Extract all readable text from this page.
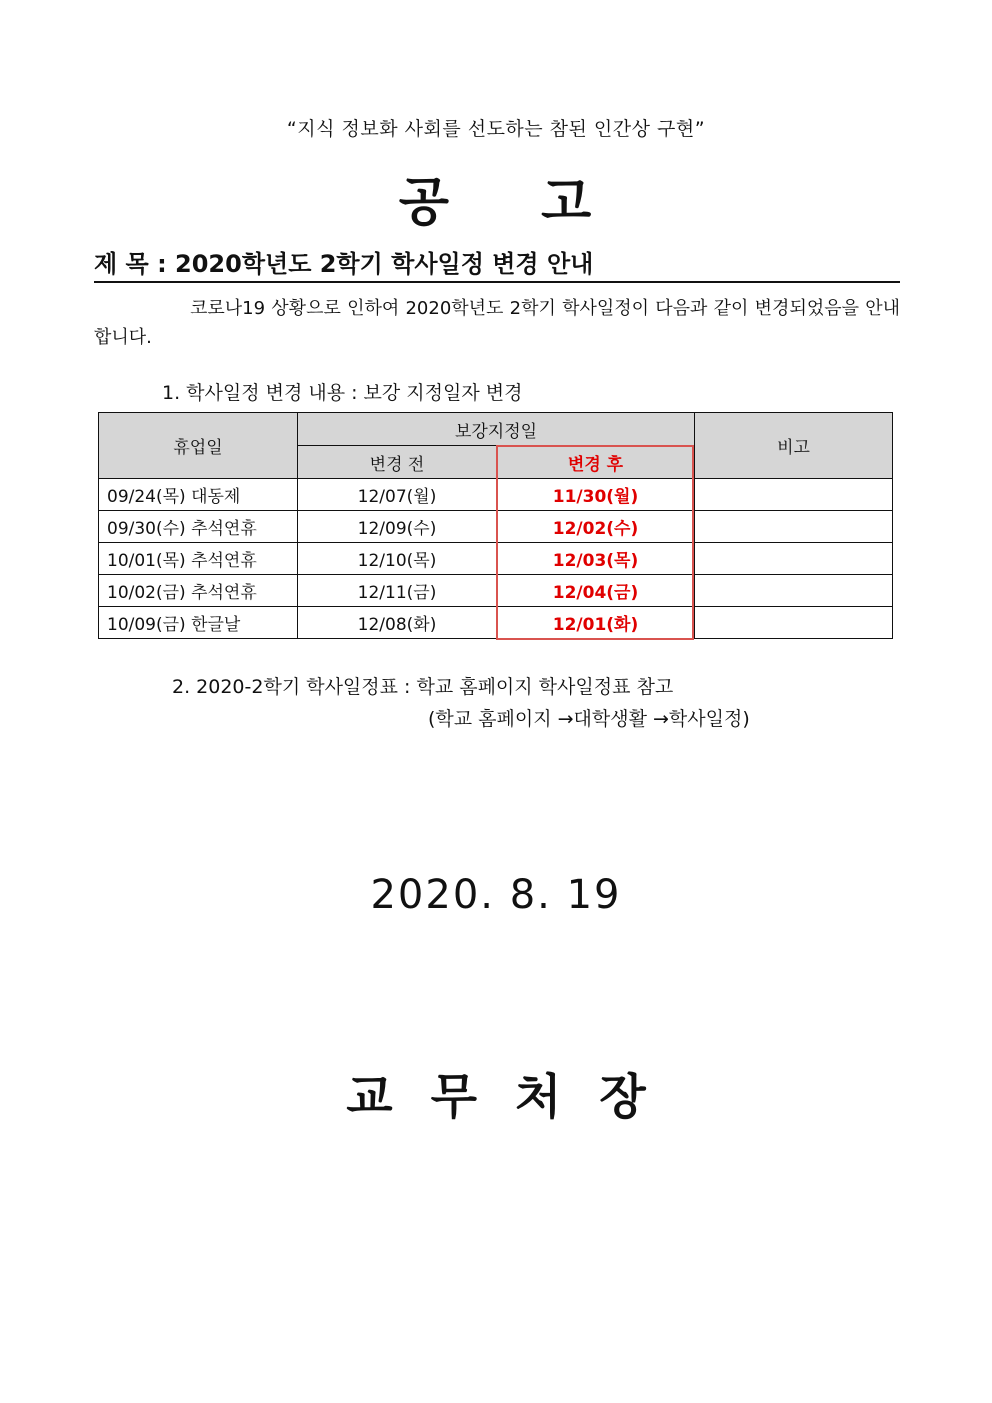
“지식 정보화 사회를 선도하는 참된 인간상 구현”
공 고
제 목 : 2020학년도 2학기 학사일정 변경 안내
코로나19 상황으로 인하여 2020학년도 2학기 학사일정이 다음과 같이 변경되었음을 안내합니다.
1. 학사일정 변경 내용 : 보강 지정일자 변경
휴업일	보강지정일		비고
	변경 전	변경 후	
09/24(목) 대동제	12/07(월)	11/30(월)	
09/30(수) 추석연휴	12/09(수)	12/02(수)	
10/01(목) 추석연휴	12/10(목)	12/03(목)	
10/02(금) 추석연휴	12/11(금)	12/04(금)	
10/09(금) 한글날	12/08(화)	12/01(화)	
2. 2020-2학기 학사일정표 : 학교 홈페이지 학사일정표 참고
(학교 홈페이지 →대학생활 →학사일정)
2020. 8. 19
교무처장
